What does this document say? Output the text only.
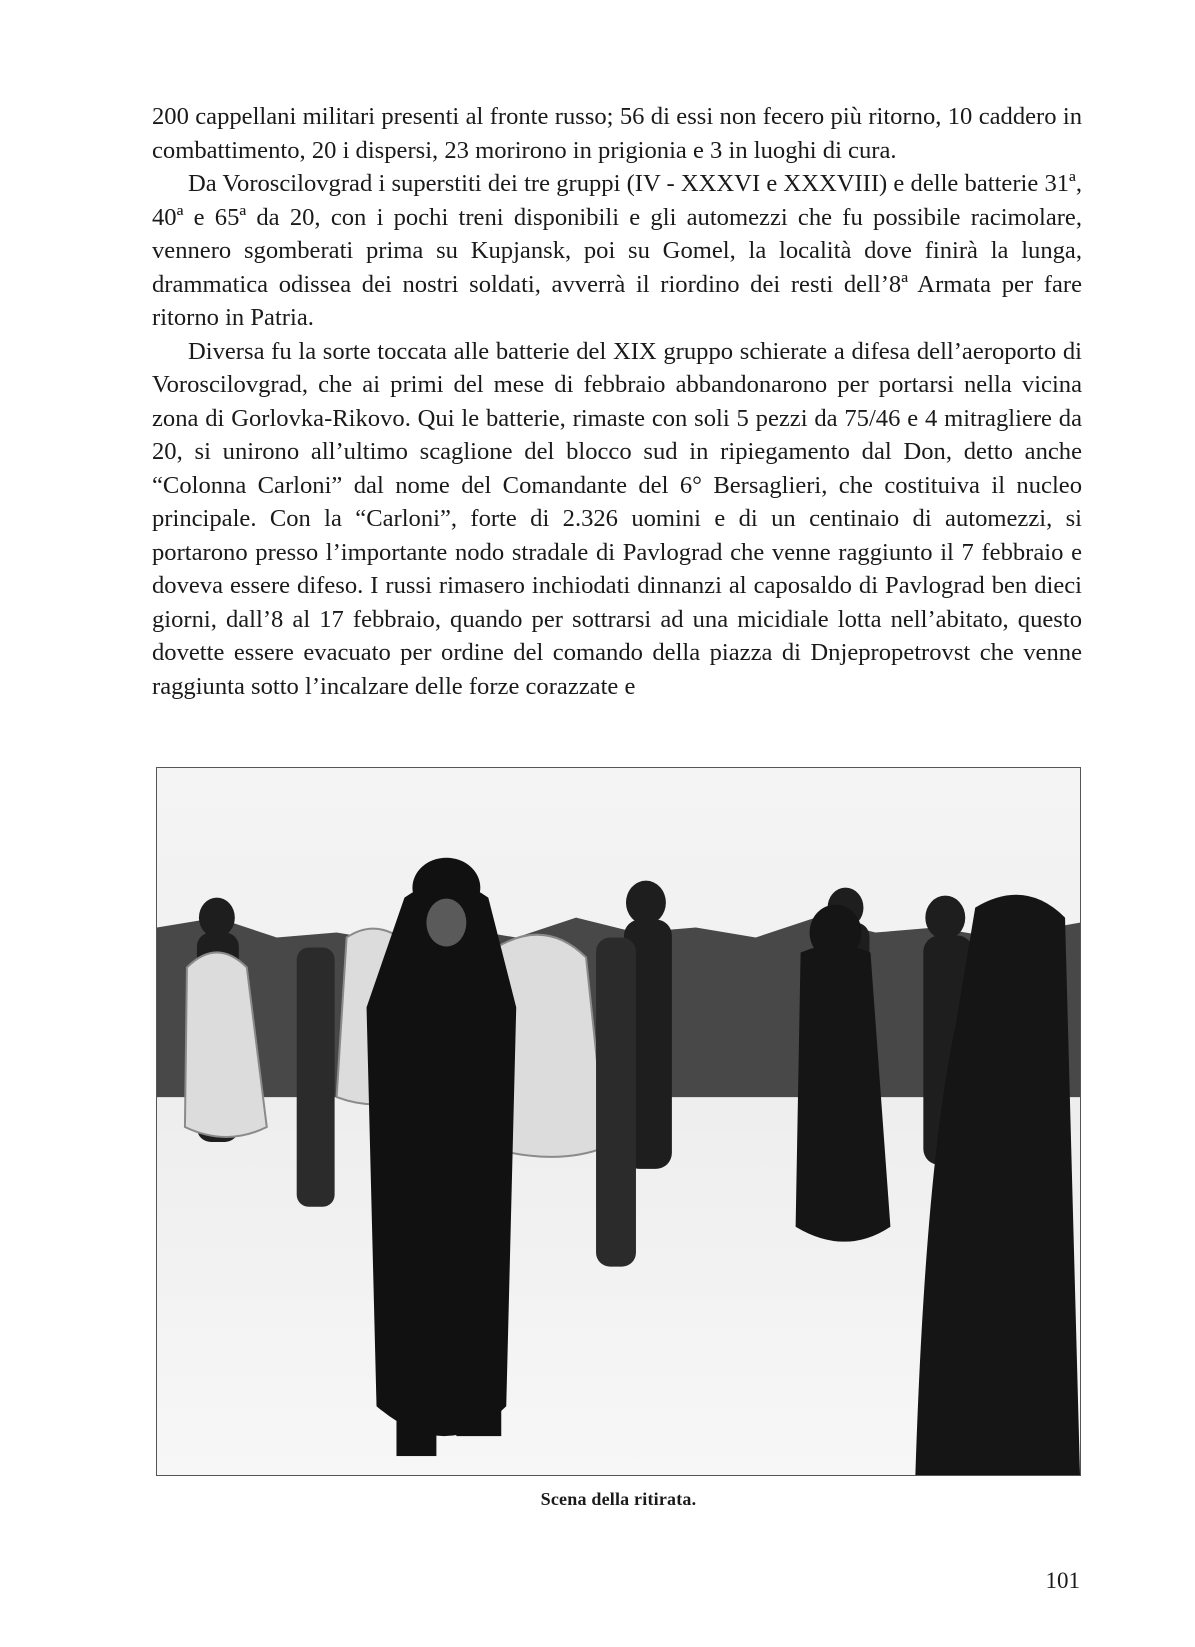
200 cappellani militari presenti al fronte russo; 56 di essi non fecero più ritorno, 10 caddero in combattimento, 20 i dispersi, 23 morirono in prigionia e 3 in luoghi di cura.

Da Voroscilovgrad i superstiti dei tre gruppi (IV - XXXVI e XXXVIII) e delle batterie 31ª, 40ª e 65ª da 20, con i pochi treni disponibili e gli automezzi che fu possibile racimolare, vennero sgomberati prima su Kupjansk, poi su Gomel, la località dove finirà la lunga, drammatica odissea dei nostri soldati, avverrà il riordino dei resti dell’8ª Armata per fare ritorno in Patria.

Diversa fu la sorte toccata alle batterie del XIX gruppo schierate a difesa dell’aeroporto di Voroscilovgrad, che ai primi del mese di febbraio abbandonarono per portarsi nella vicina zona di Gorlovka-Rikovo. Qui le batterie, rimaste con soli 5 pezzi da 75/46 e 4 mitragliere da 20, si unirono all’ultimo scaglione del blocco sud in ripiegamento dal Don, detto anche “Colonna Carloni” dal nome del Comandante del 6° Bersaglieri, che costituiva il nucleo principale. Con la “Carloni”, forte di 2.326 uomini e di un centinaio di automezzi, si portarono presso l’importante nodo stradale di Pavlograd che venne raggiunto il 7 febbraio e doveva essere difeso. I russi rimasero inchiodati dinnanzi al caposaldo di Pavlograd ben dieci giorni, dall’8 al 17 febbraio, quando per sottrarsi ad una micidiale lotta nell’abitato, questo dovette essere evacuato per ordine del comando della piazza di Dnjepropetrovst che venne raggiunta sotto l’incalzare delle forze corazzate e

Scena della ritirata.
101
